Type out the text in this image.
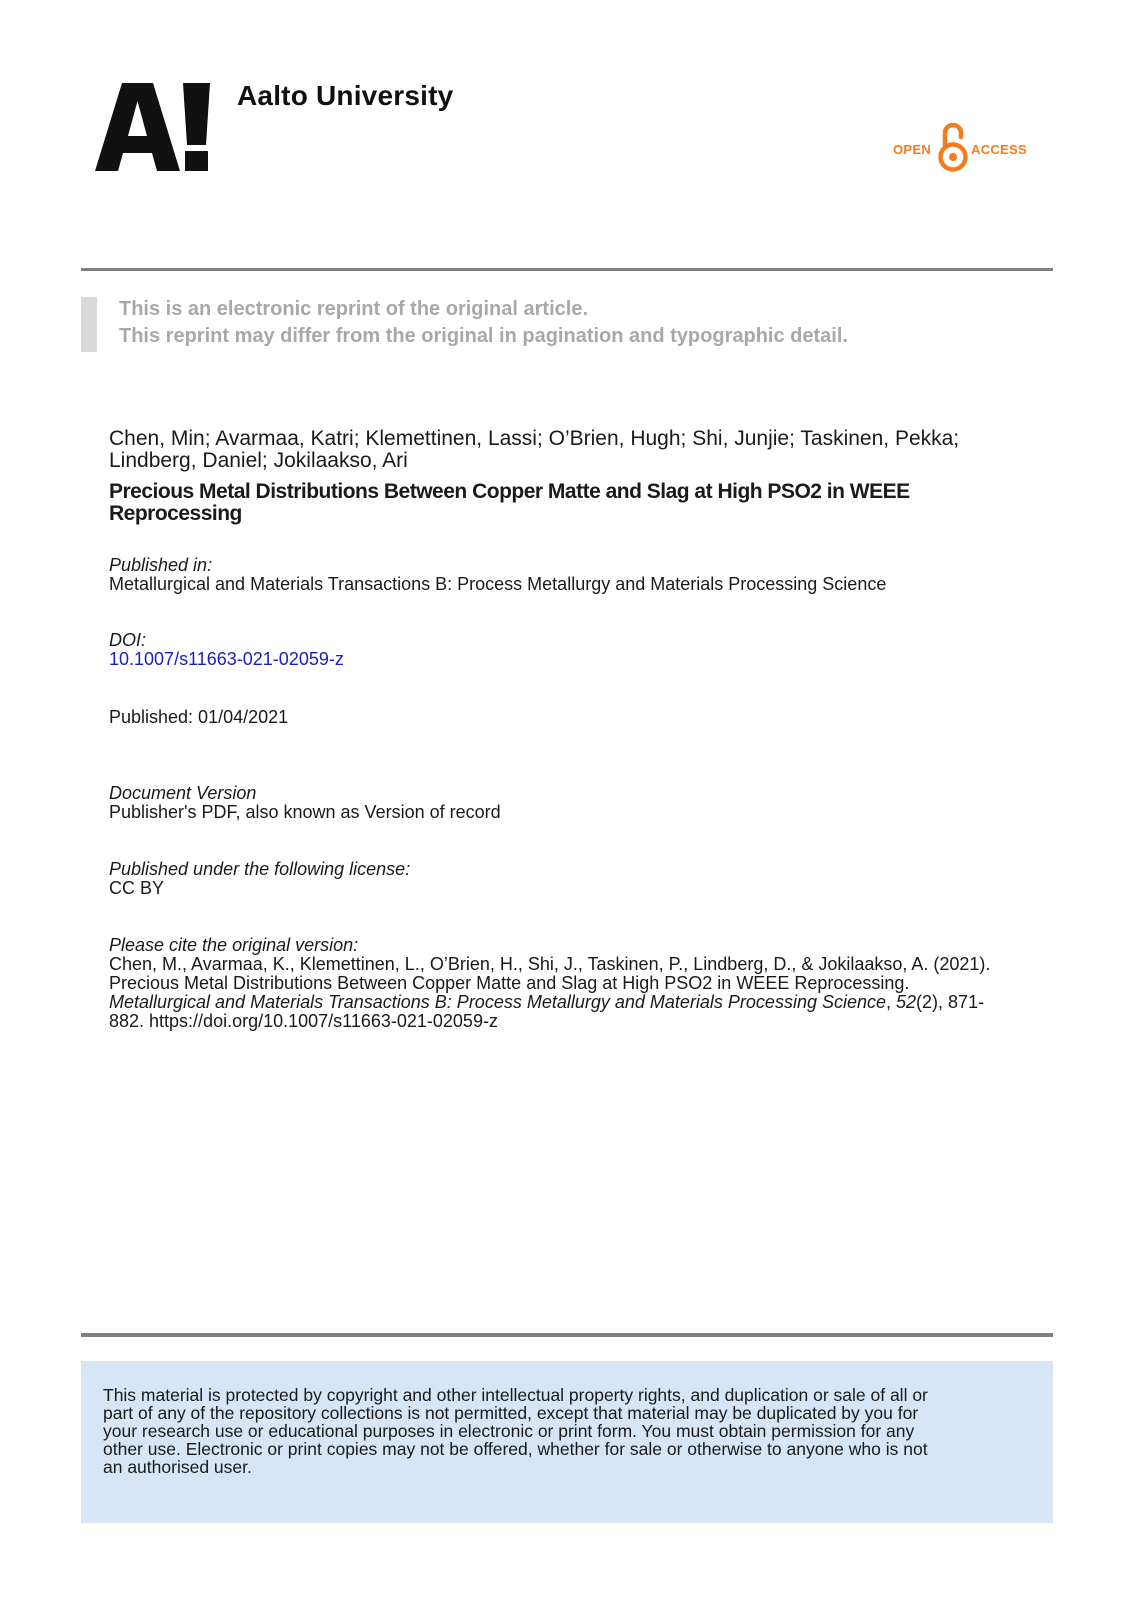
Aalto University
OPEN	ACCESS
This is an electronic reprint of the original article.
This reprint may differ from the original in pagination and typographic detail.
Chen, Min; Avarmaa, Katri; Klemettinen, Lassi; O’Brien, Hugh; Shi, Junjie; Taskinen, Pekka;
Lindberg, Daniel; Jokilaakso, Ari
Precious Metal Distributions Between Copper Matte and Slag at High PSO2 in WEEE
Reprocessing
Published in:
Metallurgical and Materials Transactions B: Process Metallurgy and Materials Processing Science
DOI:
10.1007/s11663-021-02059-z
Published: 01/04/2021
Document Version
Publisher's PDF, also known as Version of record
Published under the following license:
CC BY
Please cite the original version:
Chen, M., Avarmaa, K., Klemettinen, L., O’Brien, H., Shi, J., Taskinen, P., Lindberg, D., & Jokilaakso, A. (2021).
Precious Metal Distributions Between Copper Matte and Slag at High PSO2 in WEEE Reprocessing.
Metallurgical and Materials Transactions B: Process Metallurgy and Materials Processing Science, 52(2), 871-
882. https://doi.org/10.1007/s11663-021-02059-z
This material is protected by copyright and other intellectual property rights, and duplication or sale of all or
part of any of the repository collections is not permitted, except that material may be duplicated by you for
your research use or educational purposes in electronic or print form. You must obtain permission for any
other use. Electronic or print copies may not be offered, whether for sale or otherwise to anyone who is not
an authorised user.
